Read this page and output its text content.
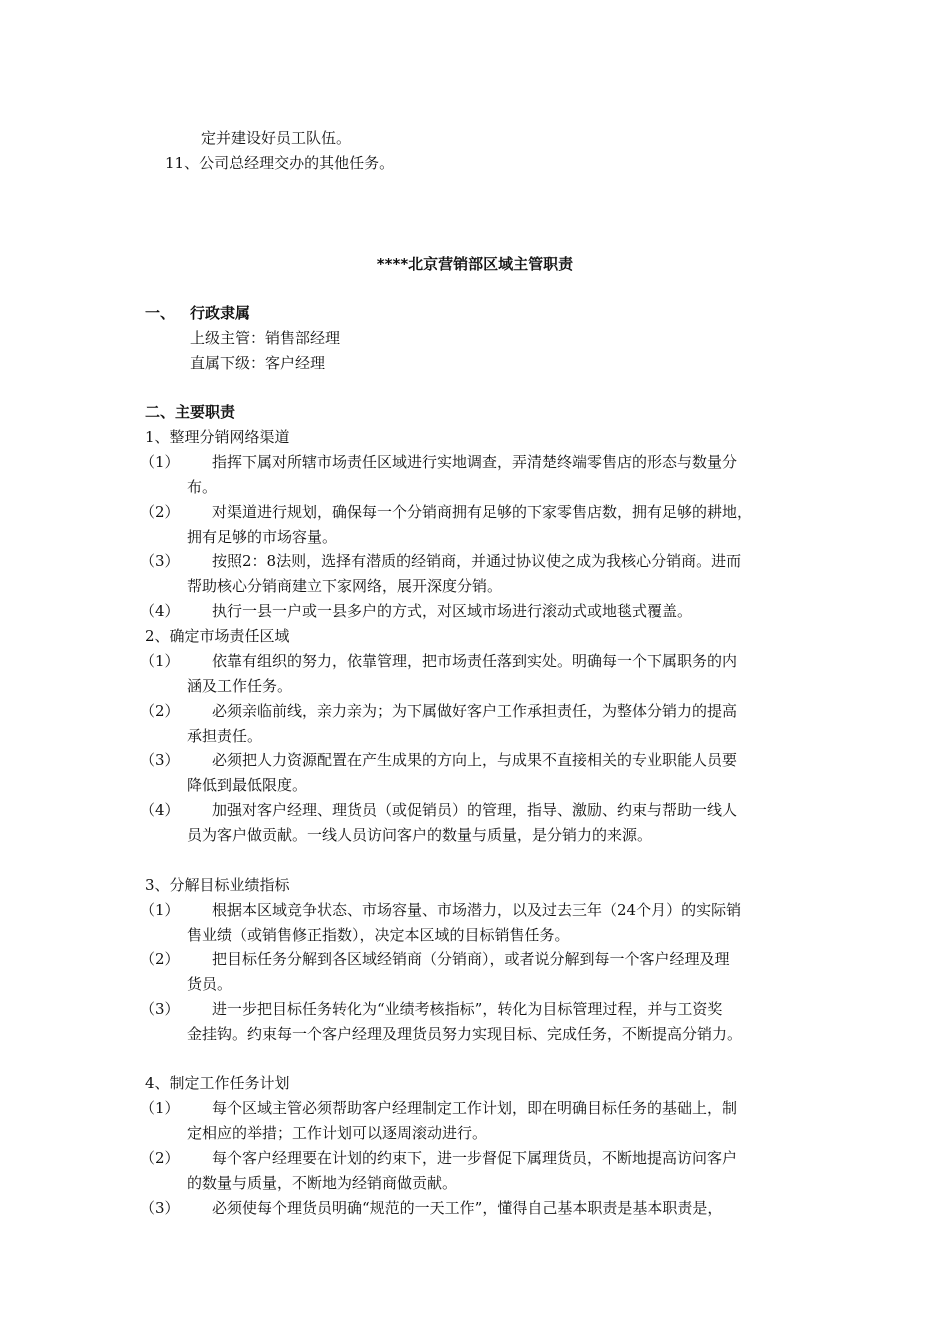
定并建设好员工队伍。
11、公司总经理交办的其他任务。
****北京营销部区域主管职责
一、 行政隶属
上级主管：销售部经理
直属下级：客户经理
二、主要职责
1、整理分销网络渠道
（1） 指挥下属对所辖市场责任区域进行实地调查，弄清楚终端零售店的形态与数量分
布。
（2） 对渠道进行规划，确保每一个分销商拥有足够的下家零售店数，拥有足够的耕地，
拥有足够的市场容量。
（3） 按照2：8法则，选择有潜质的经销商，并通过协议使之成为我核心分销商。进而
帮助核心分销商建立下家网络，展开深度分销。
（4） 执行一县一户或一县多户的方式，对区域市场进行滚动式或地毯式覆盖。
2、确定市场责任区域
（1） 依靠有组织的努力，依靠管理，把市场责任落到实处。明确每一个下属职务的内
涵及工作任务。
（2） 必须亲临前线，亲力亲为；为下属做好客户工作承担责任，为整体分销力的提高
承担责任。
（3） 必须把人力资源配置在产生成果的方向上，与成果不直接相关的专业职能人员要
降低到最低限度。
（4） 加强对客户经理、理货员（或促销员）的管理，指导、激励、约束与帮助一线人
员为客户做贡献。一线人员访问客户的数量与质量，是分销力的来源。
3、分解目标业绩指标
（1） 根据本区域竞争状态、市场容量、市场潜力，以及过去三年（24个月）的实际销
售业绩（或销售修正指数），决定本区域的目标销售任务。
（2） 把目标任务分解到各区域经销商（分销商），或者说分解到每一个客户经理及理
货员。
（3） 进一步把目标任务转化为“业绩考核指标”，转化为目标管理过程，并与工资奖
金挂钩。约束每一个客户经理及理货员努力实现目标、完成任务，不断提高分销力。
4、制定工作任务计划
（1） 每个区域主管必须帮助客户经理制定工作计划，即在明确目标任务的基础上，制
定相应的举措；工作计划可以逐周滚动进行。
（2） 每个客户经理要在计划的约束下，进一步督促下属理货员，不断地提高访问客户
的数量与质量，不断地为经销商做贡献。
（3） 必须使每个理货员明确“规范的一天工作”，懂得自己基本职责是基本职责是，
